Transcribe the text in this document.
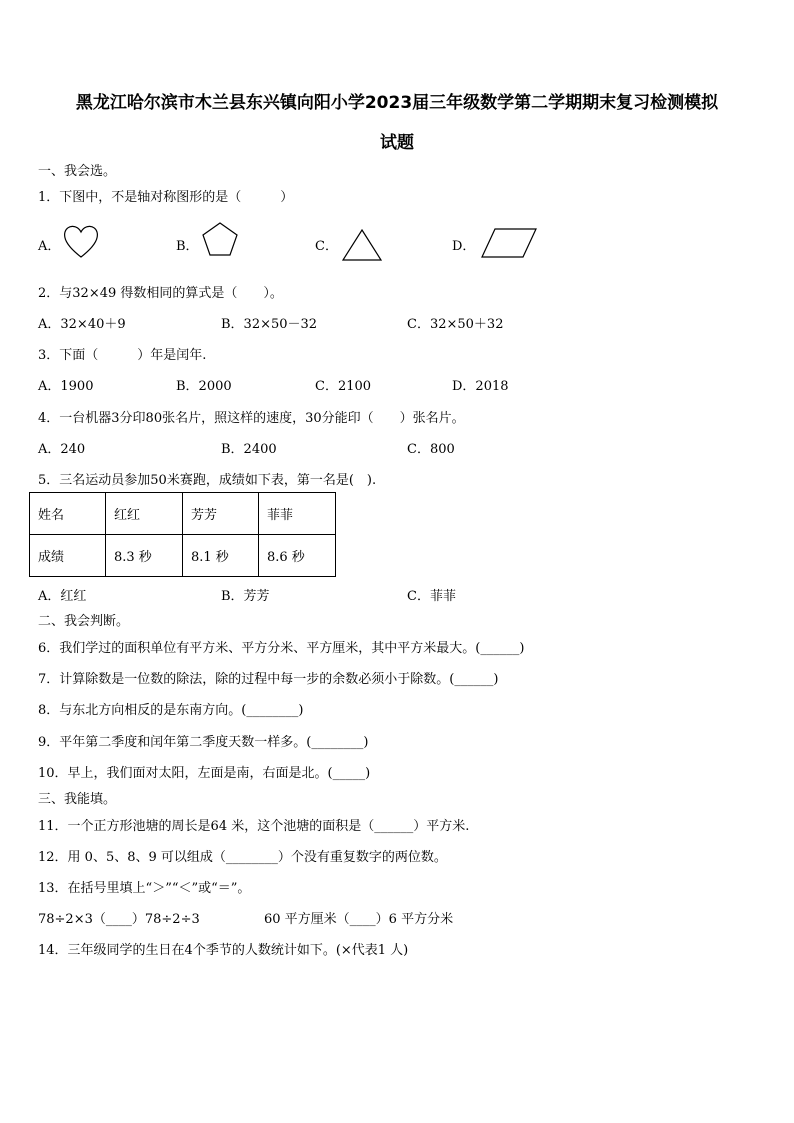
黑龙江哈尔滨市木兰县东兴镇向阳小学2023届三年级数学第二学期期末复习检测模拟
试题
一、我会选。
1．下图中，不是轴对称图形的是（　　　）
A．	B．	C．	D．
2．与32×49 得数相同的算式是（　　）。
A．32×40＋9	B．32×50－32	C．32×50＋32
3．下面（　　　）年是闰年.
A．1900	B．2000	C．2100	D．2018
4．一台机器3分印80张名片，照这样的速度，30分能印（　　）张名片。
A．240	B．2400	C．800
5．三名运动员参加50米赛跑，成绩如下表，第一名是(　).
姓名	红红	芳芳	菲菲
成绩	8.3 秒	8.1 秒	8.6 秒
A．红红	B．芳芳	C．菲菲
二、我会判断。
6．我们学过的面积单位有平方米、平方分米、平方厘米，其中平方米最大。(______)
7．计算除数是一位数的除法，除的过程中每一步的余数必须小于除数。(______)
8．与东北方向相反的是东南方向。(________)
9．平年第二季度和闰年第二季度天数一样多。(________)
10．早上，我们面对太阳，左面是南，右面是北。(_____)
三、我能填。
11．一个正方形池塘的周长是64 米，这个池塘的面积是（______）平方米.
12．用 0、5、8、9 可以组成（________）个没有重复数字的两位数。
13．在括号里填上“＞”“＜”或“＝”。
78÷2×3（____）78÷2÷3	60 平方厘米（____）6 平方分米
14．三年级同学的生日在4个季节的人数统计如下。(×代表1 人)
